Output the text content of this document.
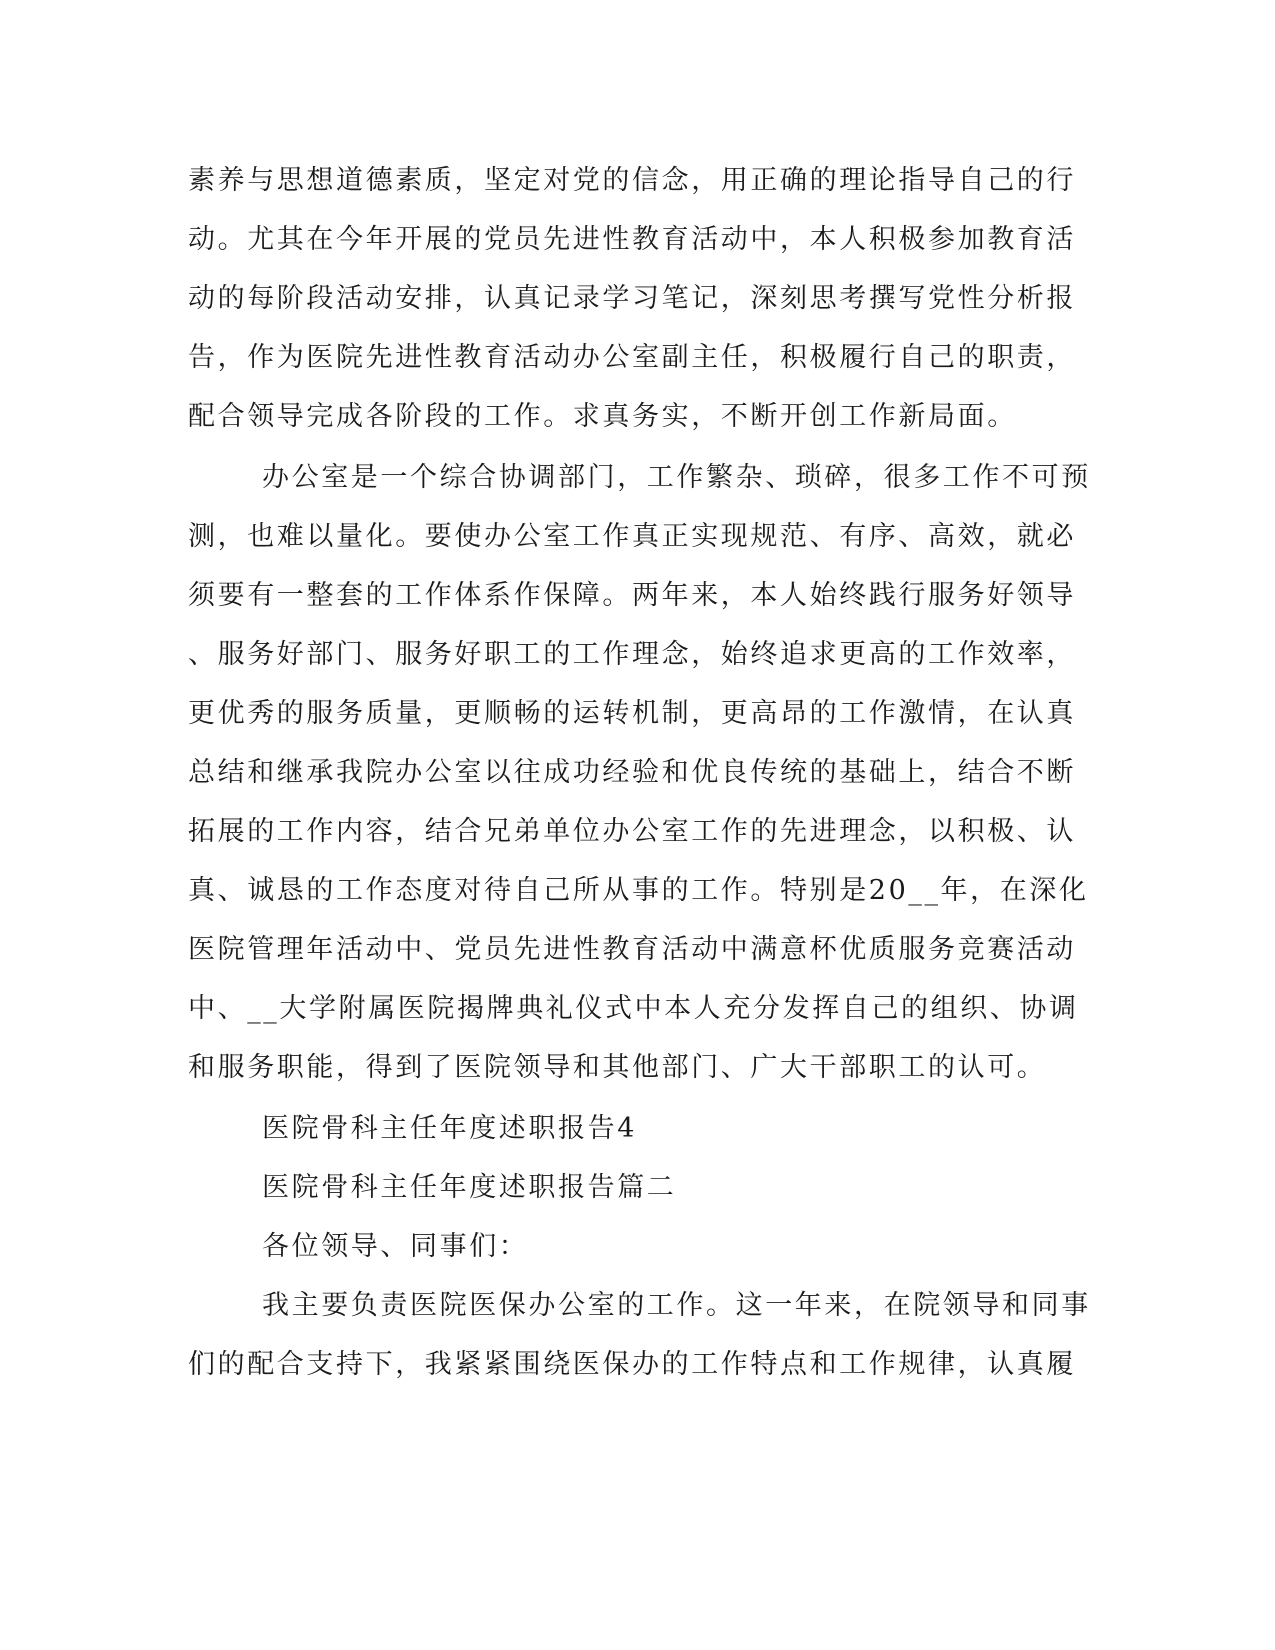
素养与思想道德素质，坚定对党的信念，用正确的理论指导自己的行
动。尤其在今年开展的党员先进性教育活动中，本人积极参加教育活
动的每阶段活动安排，认真记录学习笔记，深刻思考撰写党性分析报
告，作为医院先进性教育活动办公室副主任，积极履行自己的职责，
配合领导完成各阶段的工作。求真务实，不断开创工作新局面。
办公室是一个综合协调部门，工作繁杂、琐碎，很多工作不可预
测，也难以量化。要使办公室工作真正实现规范、有序、高效，就必
须要有一整套的工作体系作保障。两年来，本人始终践行服务好领导
、服务好部门、服务好职工的工作理念，始终追求更高的工作效率，
更优秀的服务质量，更顺畅的运转机制，更高昂的工作激情，在认真
总结和继承我院办公室以往成功经验和优良传统的基础上，结合不断
拓展的工作内容，结合兄弟单位办公室工作的先进理念，以积极、认
真、诚恳的工作态度对待自己所从事的工作。特别是20__年，在深化
医院管理年活动中、党员先进性教育活动中满意杯优质服务竞赛活动
中、__大学附属医院揭牌典礼仪式中本人充分发挥自己的组织、协调
和服务职能，得到了医院领导和其他部门、广大干部职工的认可。
医院骨科主任年度述职报告4
医院骨科主任年度述职报告篇二
各位领导、同事们：
我主要负责医院医保办公室的工作。这一年来，在院领导和同事
们的配合支持下，我紧紧围绕医保办的工作特点和工作规律，认真履
